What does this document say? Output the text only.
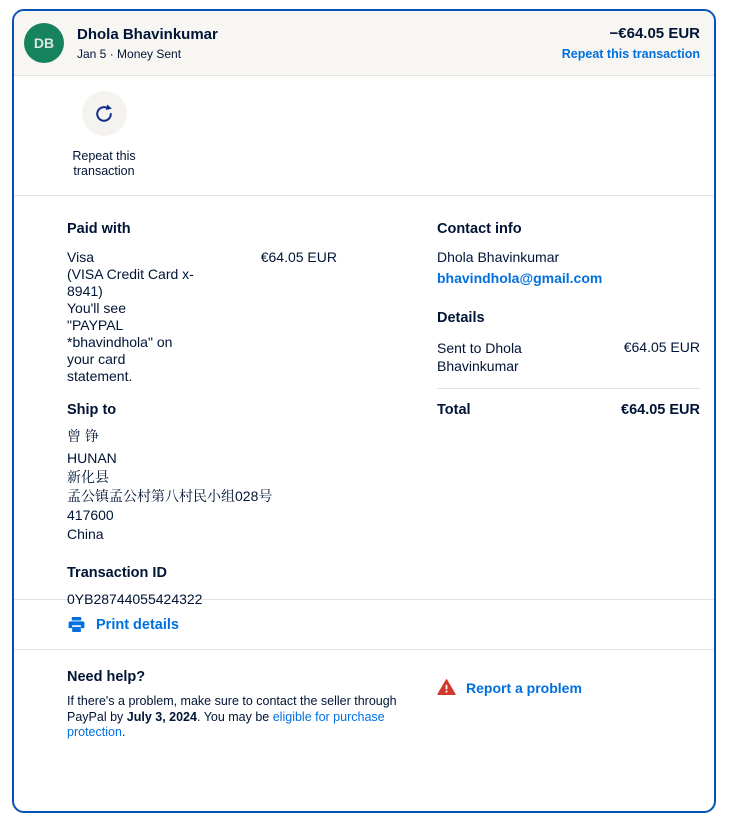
DB
Dhola Bhavinkumar
Jan 5 · Money Sent
−€64.05 EUR
Repeat this transaction
Repeat this transaction
Paid with
Visa
(VISA Credit Card x-
8941)
You'll see
"PAYPAL
*bhavindhola" on
your card
statement.
€64.05 EUR
Ship to
曾 铮
HUNAN
新化县
孟公镇孟公村第八村民小组028号
417600
China
Transaction ID
0YB28744055424322
Contact info
Dhola Bhavinkumar
bhavindhola@gmail.com
Details
Sent to Dhola
Bhavinkumar
€64.05 EUR
Total	€64.05 EUR
Print details
Need help?
If there's a problem, make sure to contact the seller through PayPal by July 3, 2024. You may be eligible for purchase protection.
Report a problem
